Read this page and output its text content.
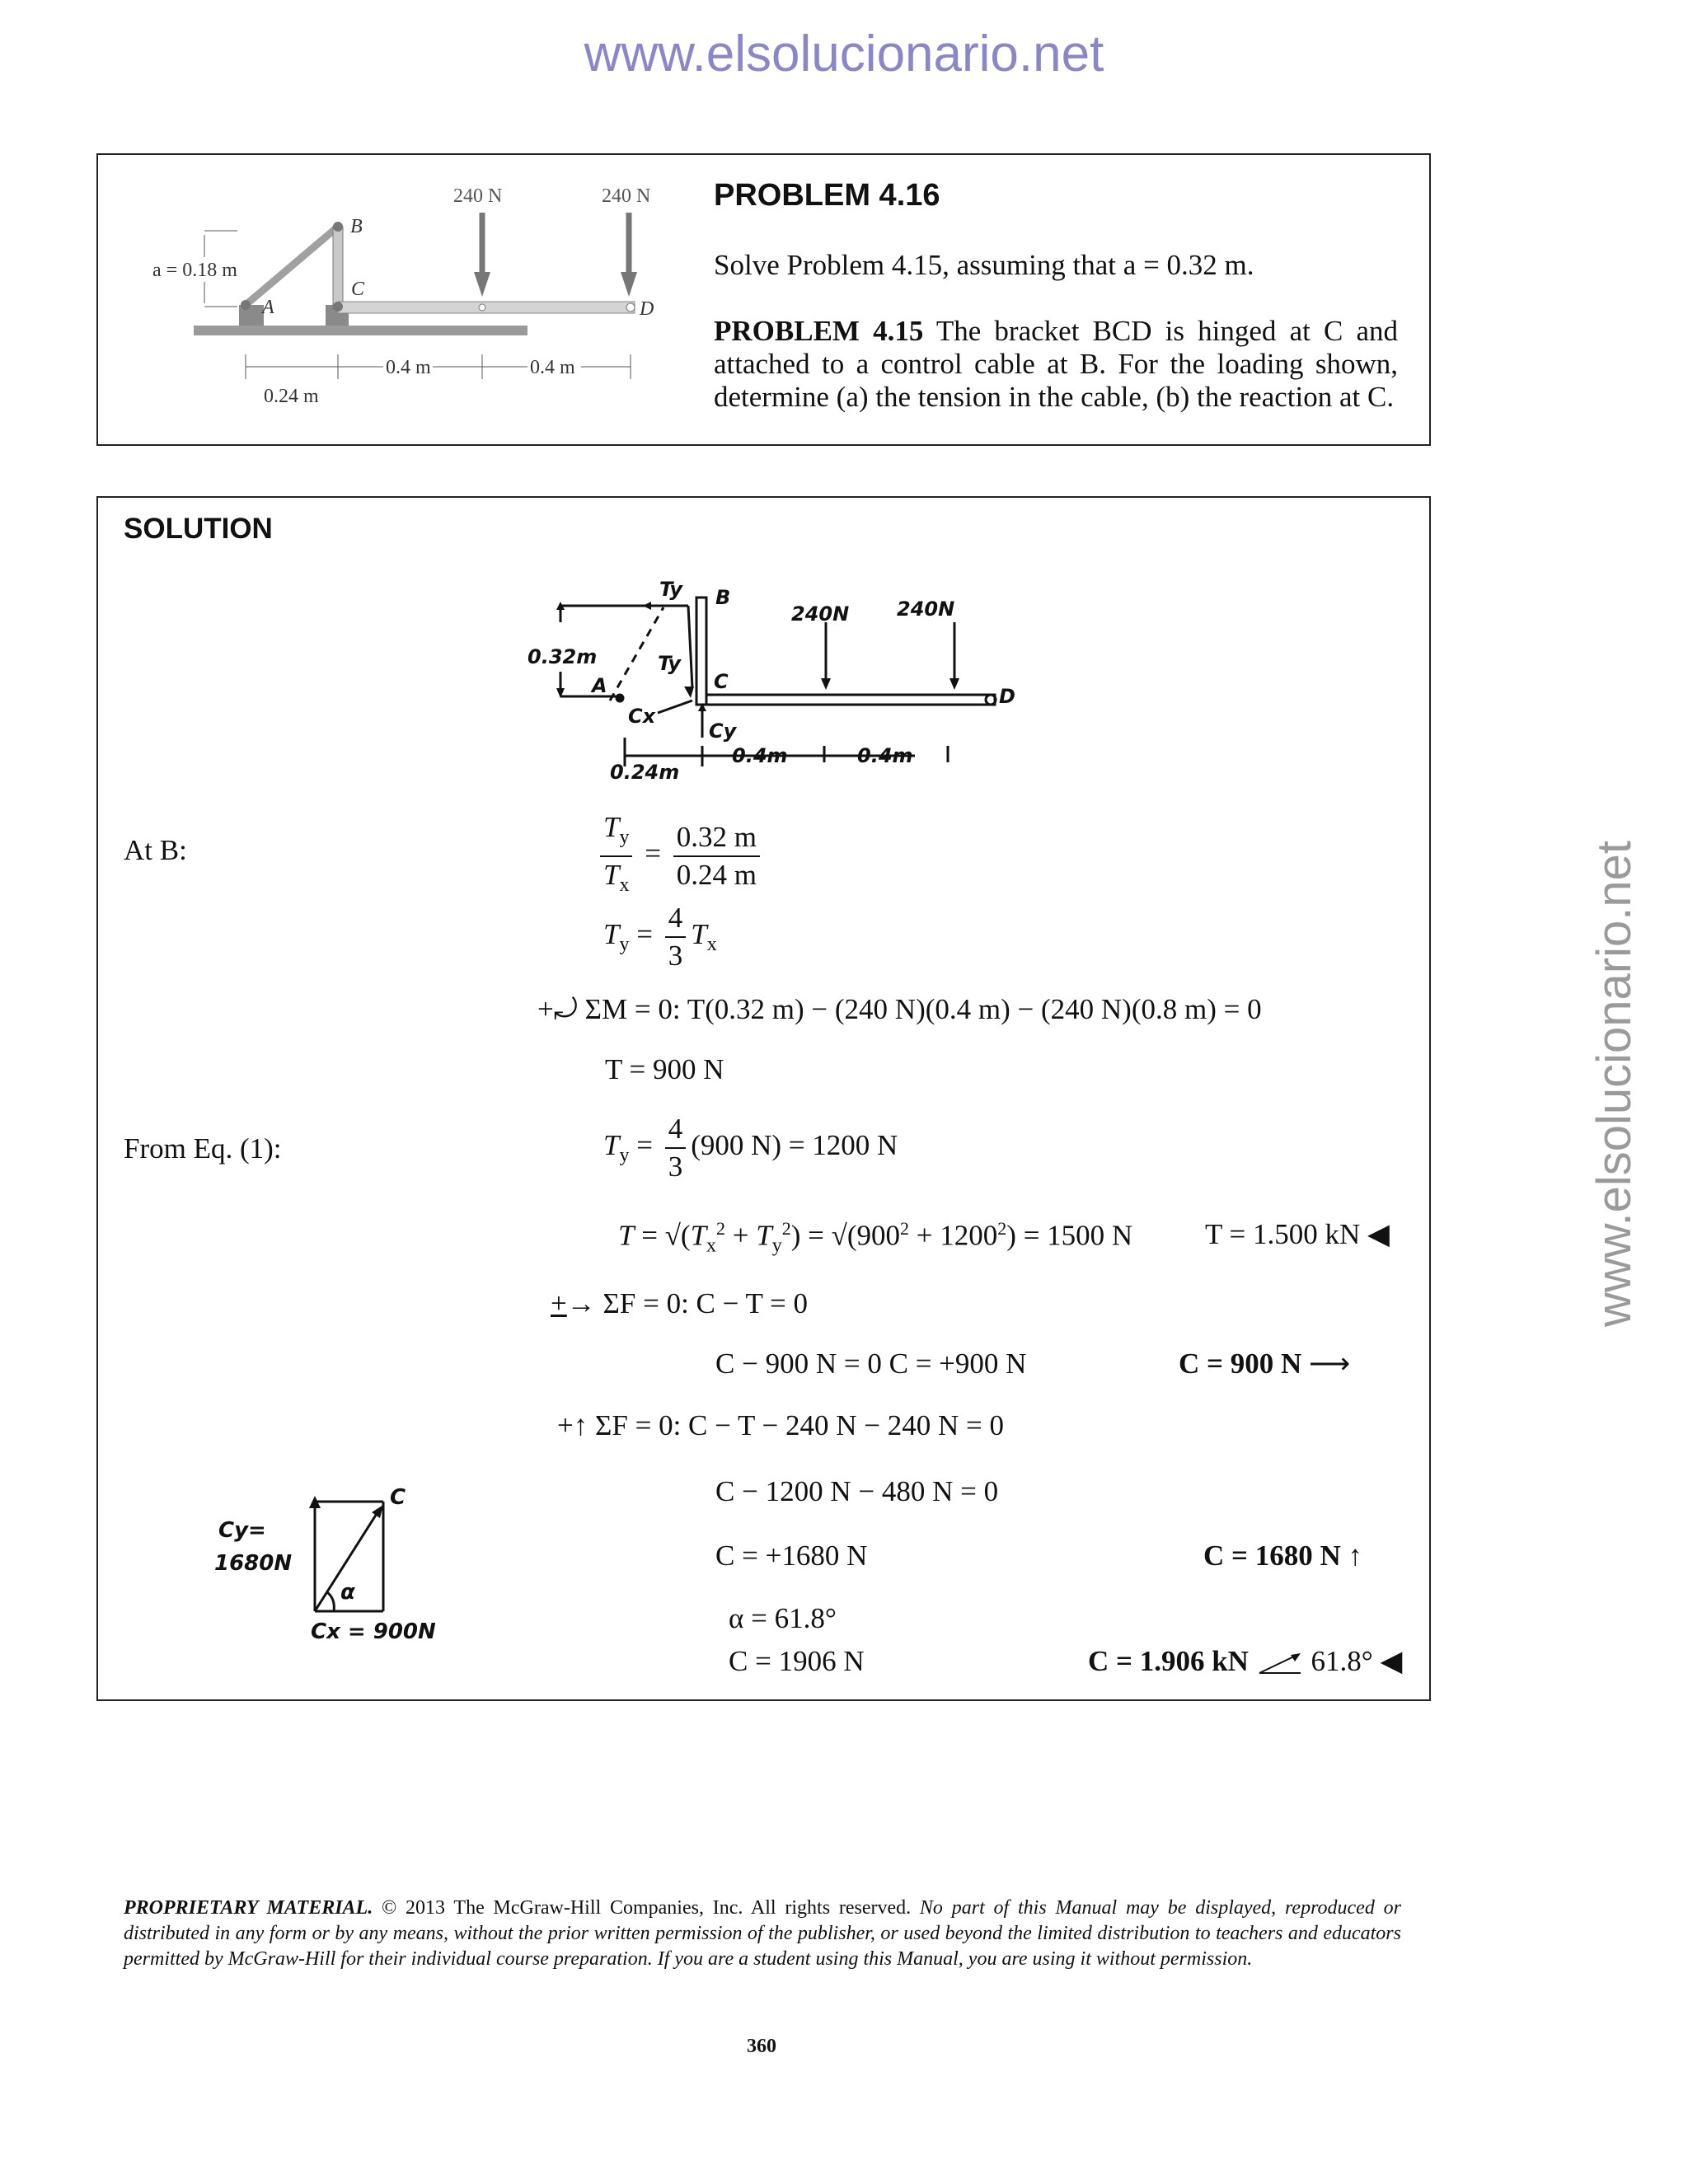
www.elsolucionario.net
www.elsolucionario.net
240 N	240 N
B
C
A	D
a = 0.18 m
0.24 m
0.4 m	0.4 m
PROBLEM 4.16
Solve Problem 4.15, assuming that a = 0.32 m.
PROBLEM 4.15 The bracket BCD is hinged at C and attached to a control cable at B. For the loading shown, determine (a) the tension in the cable, (b) the reaction at C.
SOLUTION
Ty B
240N 240N
0.32m
A
Ty
C
D
Cx
Cy
0.24m
0.4m	0.4m
At B:
From Eq. (1):
$\frac{T_y}{T_x} = \frac{0.32 m}{0.24 m}$
$T_y = \frac{4}{3} T_x$
+⤾ ΣM = 0: T(0.32 m) − (240 N)(0.4 m) − (240 N)(0.8 m) = 0
T = 900 N
$T_y = \frac{4}{3} (900$ N) = 1200 N
$T = √(T_x^2 + T_y^2) = √(900^2 + 1200^2) = 1500$ N	T = 1.500 kN ◀
+→ ΣF = 0: C − T = 0
C − 900 N = 0 C = +900 N	C = 900 N ⟶
+↑ ΣF = 0: C − T − 240 N − 240 N = 0
C − 1200 N − 480 N = 0
C = +1680 N	C = 1680 N ↑
Cy=
1680N
C
α
Cx = 900N	α = 61.8°
C = 1906 N	C = 1.906 kN 61.8° ◀
PROPRIETARY MATERIAL. © 2013 The McGraw-Hill Companies, Inc. All rights reserved. No part of this Manual may be displayed, reproduced or distributed in any form or by any means, without the prior written permission of the publisher, or used beyond the limited distribution to teachers and educators permitted by McGraw-Hill for their individual course preparation. If you are a student using this Manual, you are using it without permission.
360
